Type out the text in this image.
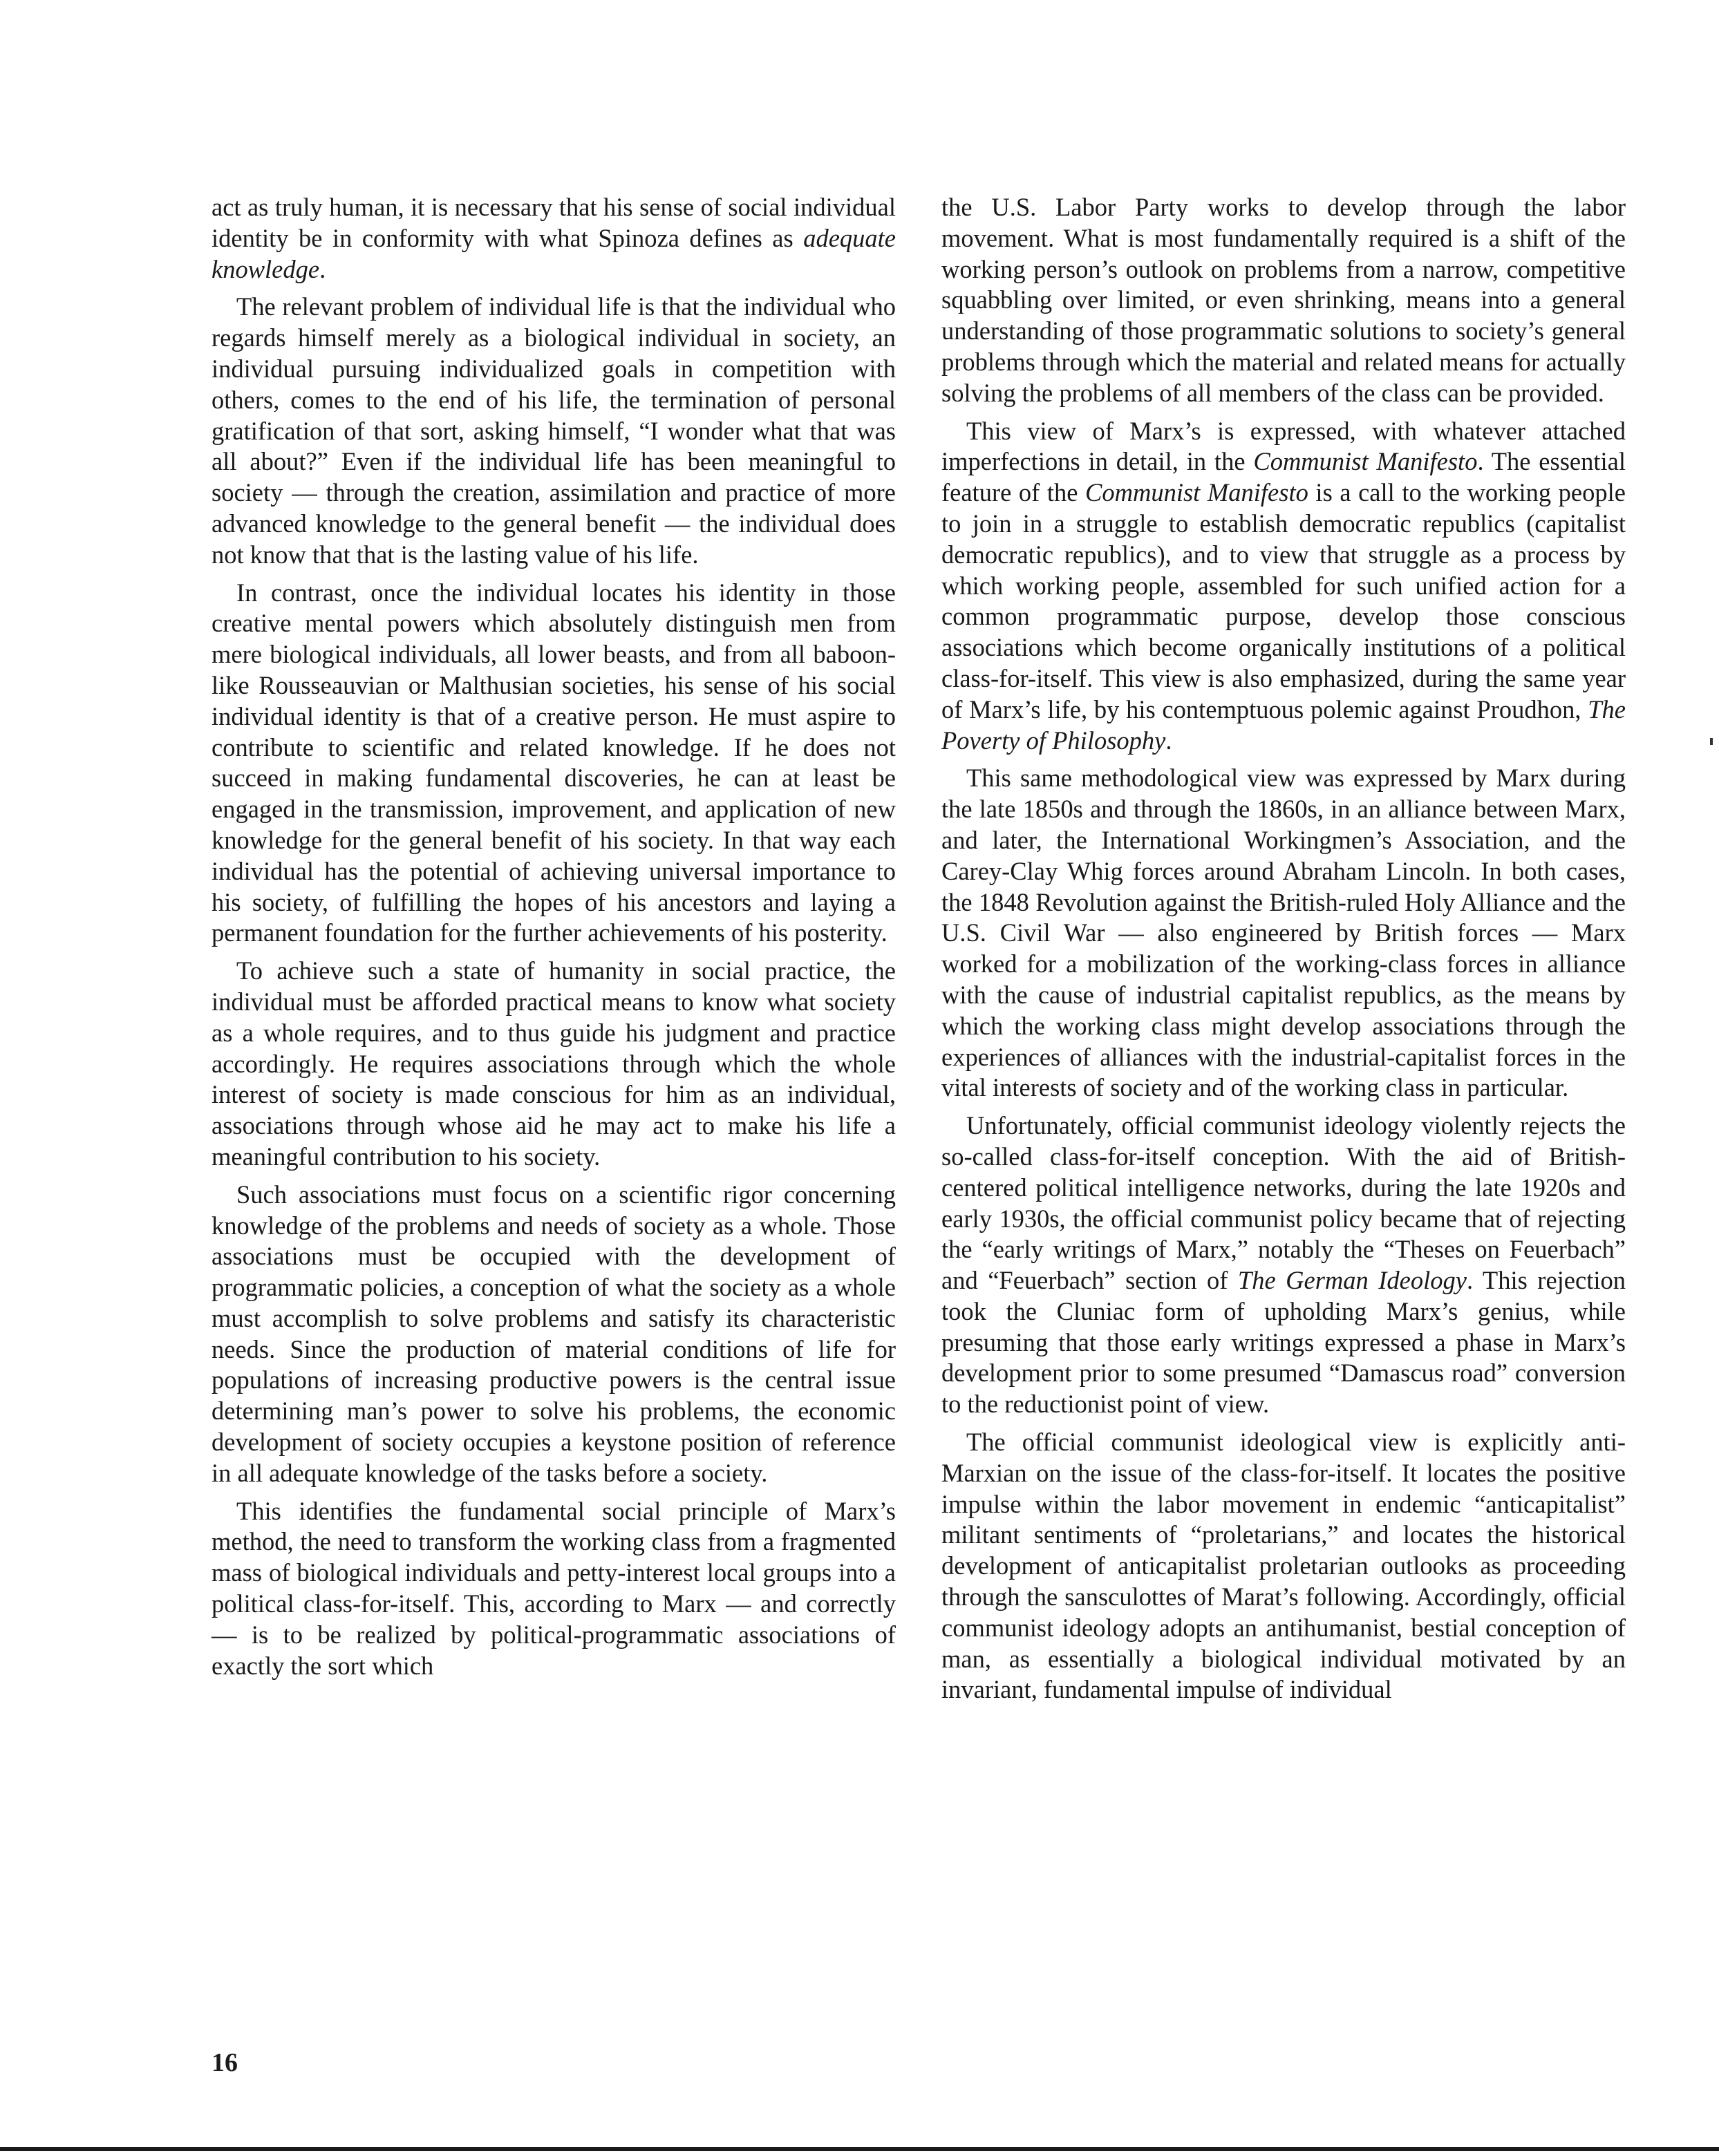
act as truly human, it is necessary that his sense of social individual identity be in conformity with what Spinoza defines as adequate knowledge.

The relevant problem of individual life is that the individual who regards himself merely as a biological individual in society, an individual pursuing individualized goals in competition with others, comes to the end of his life, the termination of personal gratification of that sort, asking himself, “I wonder what that was all about?” Even if the individual life has been meaningful to society — through the creation, assimilation and practice of more advanced knowledge to the general benefit — the individual does not know that that is the lasting value of his life.

In contrast, once the individual locates his identity in those creative mental powers which absolutely distinguish men from mere biological individuals, all lower beasts, and from all baboon-like Rousseauvian or Malthusian societies, his sense of his social individual identity is that of a creative person. He must aspire to contribute to scientific and related knowledge. If he does not succeed in making fundamental discoveries, he can at least be engaged in the transmission, improvement, and application of new knowledge for the general benefit of his society. In that way each individual has the potential of achieving universal importance to his society, of fulfilling the hopes of his ancestors and laying a permanent foundation for the further achievements of his posterity.

To achieve such a state of humanity in social practice, the individual must be afforded practical means to know what society as a whole requires, and to thus guide his judgment and practice accordingly. He requires associations through which the whole interest of society is made conscious for him as an individual, associations through whose aid he may act to make his life a meaningful contribution to his society.

Such associations must focus on a scientific rigor concerning knowledge of the problems and needs of society as a whole. Those associations must be occupied with the development of programmatic policies, a conception of what the society as a whole must accomplish to solve problems and satisfy its characteristic needs. Since the production of material conditions of life for populations of increasing productive powers is the central issue determining man’s power to solve his problems, the economic development of society occupies a keystone position of reference in all adequate knowledge of the tasks before a society.

This identifies the fundamental social principle of Marx’s method, the need to transform the working class from a fragmented mass of biological individuals and petty-interest local groups into a political class-for-itself. This, according to Marx — and correctly — is to be realized by political-programmatic associations of exactly the sort which

the U.S. Labor Party works to develop through the labor movement. What is most fundamentally required is a shift of the working person’s outlook on problems from a narrow, competitive squabbling over limited, or even shrinking, means into a general understanding of those programmatic solutions to society’s general problems through which the material and related means for actually solving the problems of all members of the class can be provided.

This view of Marx’s is expressed, with whatever attached imperfections in detail, in the Communist Manifesto. The essential feature of the Communist Manifesto is a call to the working people to join in a struggle to establish democratic republics (capitalist democratic republics), and to view that struggle as a process by which working people, assembled for such unified action for a common programmatic purpose, develop those conscious associations which become organically institutions of a political class-for-itself. This view is also emphasized, during the same year of Marx’s life, by his contemptuous polemic against Proudhon, The Poverty of Philosophy.

This same methodological view was expressed by Marx during the late 1850s and through the 1860s, in an alliance between Marx, and later, the International Workingmen’s Association, and the Carey-Clay Whig forces around Abraham Lincoln. In both cases, the 1848 Revolution against the British-ruled Holy Alliance and the U.S. Civil War — also engineered by British forces — Marx worked for a mobilization of the working-class forces in alliance with the cause of industrial capitalist republics, as the means by which the working class might develop associations through the experiences of alliances with the industrial-capitalist forces in the vital interests of society and of the working class in particular.

Unfortunately, official communist ideology violently rejects the so-called class-for-itself conception. With the aid of British-centered political intelligence networks, during the late 1920s and early 1930s, the official communist policy became that of rejecting the “early writings of Marx,” notably the “Theses on Feuerbach” and “Feuerbach” section of The German Ideology. This rejection took the Cluniac form of upholding Marx’s genius, while presuming that those early writings expressed a phase in Marx’s development prior to some presumed “Damascus road” conversion to the reductionist point of view.

The official communist ideological view is explicitly anti-Marxian on the issue of the class-for-itself. It locates the positive impulse within the labor movement in endemic “anticapitalist” militant sentiments of “proletarians,” and locates the historical development of anticapitalist proletarian outlooks as proceeding through the sansculottes of Marat’s following. Accordingly, official communist ideology adopts an antihumanist, bestial conception of man, as essentially a biological individual motivated by an invariant, fundamental impulse of individual

16
